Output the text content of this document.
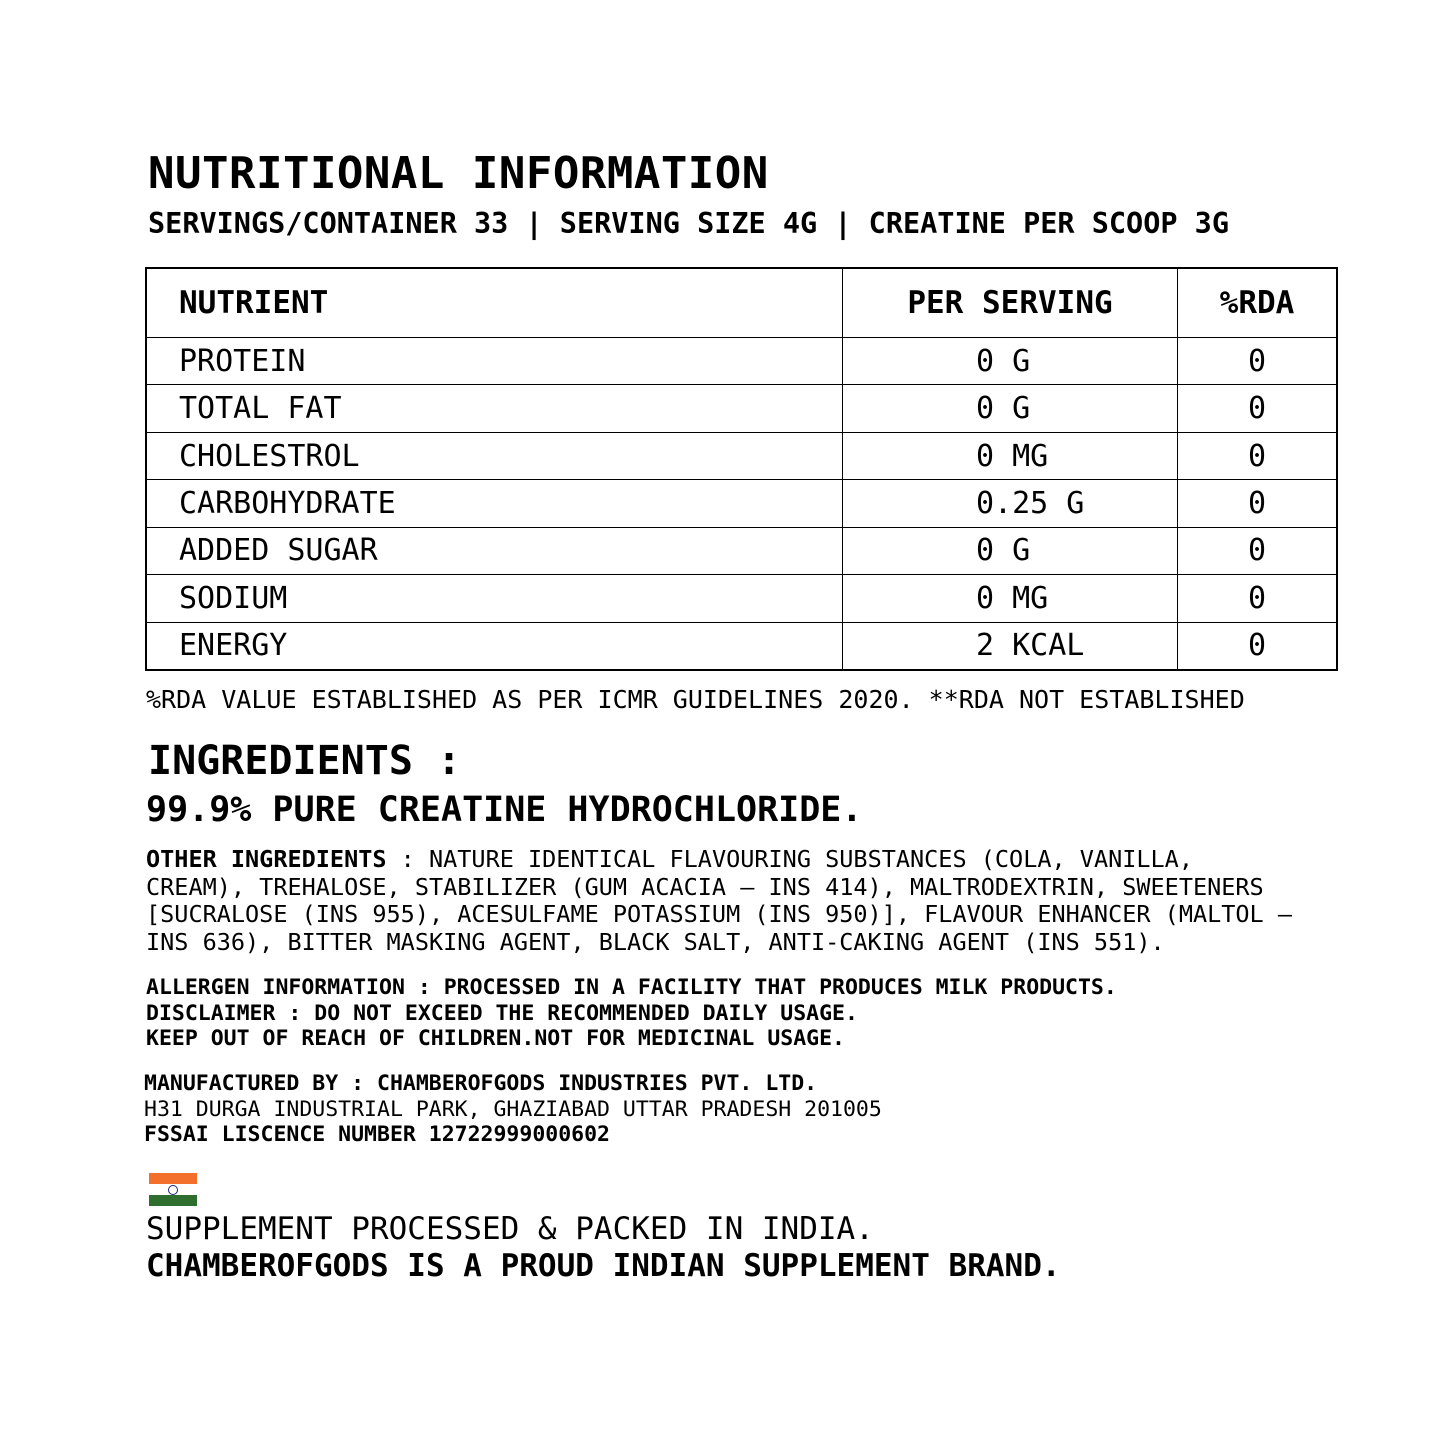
NUTRITIONAL INFORMATION
SERVINGS/CONTAINER 33 | SERVING SIZE 4G | CREATINE PER SCOOP 3G
NUTRIENT	PER SERVING	%RDA
PROTEIN	0 G	0
TOTAL FAT	0 G	0
CHOLESTROL	0 MG	0
CARBOHYDRATE	0.25 G	0
ADDED SUGAR	0 G	0
SODIUM	0 MG	0
ENERGY	2 KCAL	0
%RDA VALUE ESTABLISHED AS PER ICMR GUIDELINES 2020. **RDA NOT ESTABLISHED
INGREDIENTS :
99.9% PURE CREATINE HYDROCHLORIDE.
OTHER INGREDIENTS : NATURE IDENTICAL FLAVOURING SUBSTANCES (COLA, VANILLA, CREAM), TREHALOSE, STABILIZER (GUM ACACIA – INS 414), MALTRODEXTRIN, SWEETENERS [SUCRALOSE (INS 955), ACESULFAME POTASSIUM (INS 950)], FLAVOUR ENHANCER (MALTOL – INS 636), BITTER MASKING AGENT, BLACK SALT, ANTI-CAKING AGENT (INS 551).
ALLERGEN INFORMATION : PROCESSED IN A FACILITY THAT PRODUCES MILK PRODUCTS.
DISCLAIMER : DO NOT EXCEED THE RECOMMENDED DAILY USAGE.
KEEP OUT OF REACH OF CHILDREN.NOT FOR MEDICINAL USAGE.
MANUFACTURED BY : CHAMBEROFGODS INDUSTRIES PVT. LTD.
H31 DURGA INDUSTRIAL PARK, GHAZIABAD UTTAR PRADESH 201005
FSSAI LISCENCE NUMBER 12722999000602
SUPPLEMENT PROCESSED & PACKED IN INDIA.
CHAMBEROFGODS IS A PROUD INDIAN SUPPLEMENT BRAND.
